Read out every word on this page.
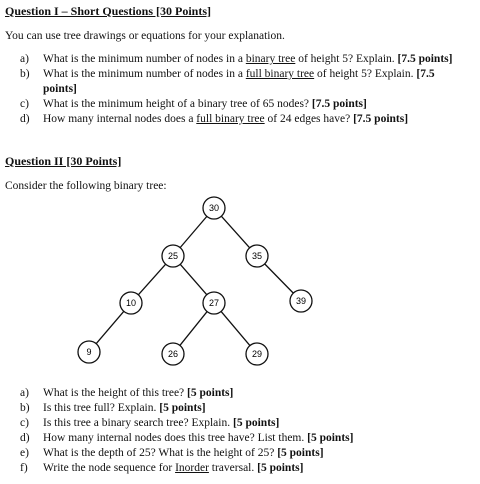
Question I – Short Questions [30 Points]
You can use tree drawings or equations for your explanation.
a) What is the minimum number of nodes in a binary tree of height 5? Explain. [7.5 points]
b) What is the minimum number of nodes in a full binary tree of height 5? Explain. [7.5
points]
c) What is the minimum height of a binary tree of 65 nodes? [7.5 points]
d) How many internal nodes does a full binary tree of 24 edges have? [7.5 points]
Question II [30 Points]
Consider the following binary tree:
30
25	35
10	27	39
9	26	29
a) What is the height of this tree? [5 points]
b) Is this tree full? Explain. [5 points]
c) Is this tree a binary search tree? Explain. [5 points]
d) How many internal nodes does this tree have? List them. [5 points]
e) What is the depth of 25? What is the height of 25? [5 points]
f) Write the node sequence for Inorder traversal. [5 points]
